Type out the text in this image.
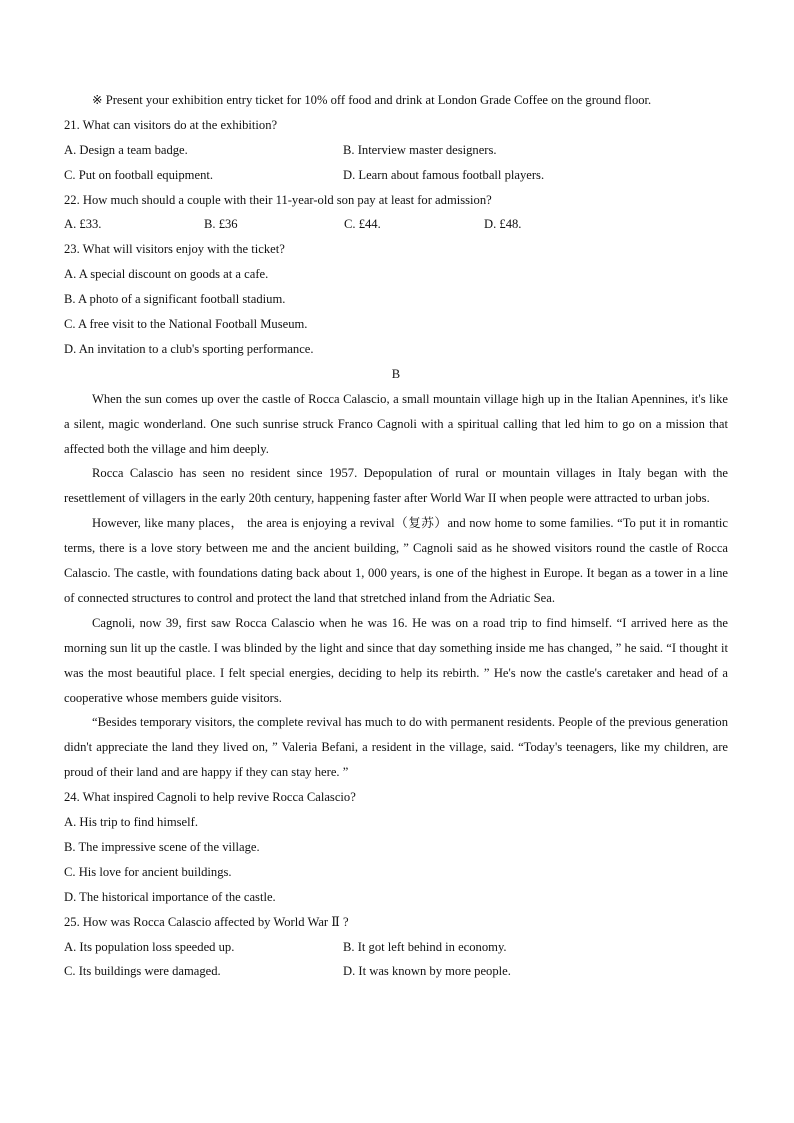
※ Present your exhibition entry ticket for 10% off food and drink at London Grade Coffee on the ground floor.
21. What can visitors do at the exhibition?
A. Design a team badge.	B. Interview master designers.
C. Put on football equipment.	D. Learn about famous football players.
22. How much should a couple with their 11-year-old son pay at least for admission?
A. £33.	B. £36	C. £44.	D. £48.
23. What will visitors enjoy with the ticket?
A. A special discount on goods at a cafe.
B. A photo of a significant football stadium.
C. A free visit to the National Football Museum.
D. An invitation to a club's sporting performance.
B

When the sun comes up over the castle of Rocca Calascio, a small mountain village high up in the Italian Apennines, it's like a silent, magic wonderland. One such sunrise struck Franco Cagnoli with a spiritual calling that led him to go on a mission that affected both the village and him deeply.

Rocca Calascio has seen no resident since 1957. Depopulation of rural or mountain villages in Italy began with the resettlement of villagers in the early 20th century, happening faster after World War II when people were attracted to urban jobs.

However, like many places， the area is enjoying a revival（复苏）and now home to some families. “To put it in romantic terms, there is a love story between me and the ancient building, ” Cagnoli said as he showed visitors round the castle of Rocca Calascio. The castle, with foundations dating back about 1, 000 years, is one of the highest in Europe. It began as a tower in a line of connected structures to control and protect the land that stretched inland from the Adriatic Sea.

Cagnoli, now 39, first saw Rocca Calascio when he was 16. He was on a road trip to find himself. “I arrived here as the morning sun lit up the castle. I was blinded by the light and since that day something inside me has changed, ” he said. “I thought it was the most beautiful place. I felt special energies, deciding to help its rebirth. ” He's now the castle's caretaker and head of a cooperative whose members guide visitors.

“Besides temporary visitors, the complete revival has much to do with permanent residents. People of the previous generation didn't appreciate the land they lived on, ” Valeria Befani, a resident in the village, said. “Today's teenagers, like my children, are proud of their land and are happy if they can stay here. ”

24. What inspired Cagnoli to help revive Rocca Calascio?
A. His trip to find himself.
B. The impressive scene of the village.
C. His love for ancient buildings.
D. The historical importance of the castle.
25. How was Rocca Calascio affected by World War Ⅱ ?
A. Its population loss speeded up.	B. It got left behind in economy.
C. Its buildings were damaged.	D. It was known by more people.
